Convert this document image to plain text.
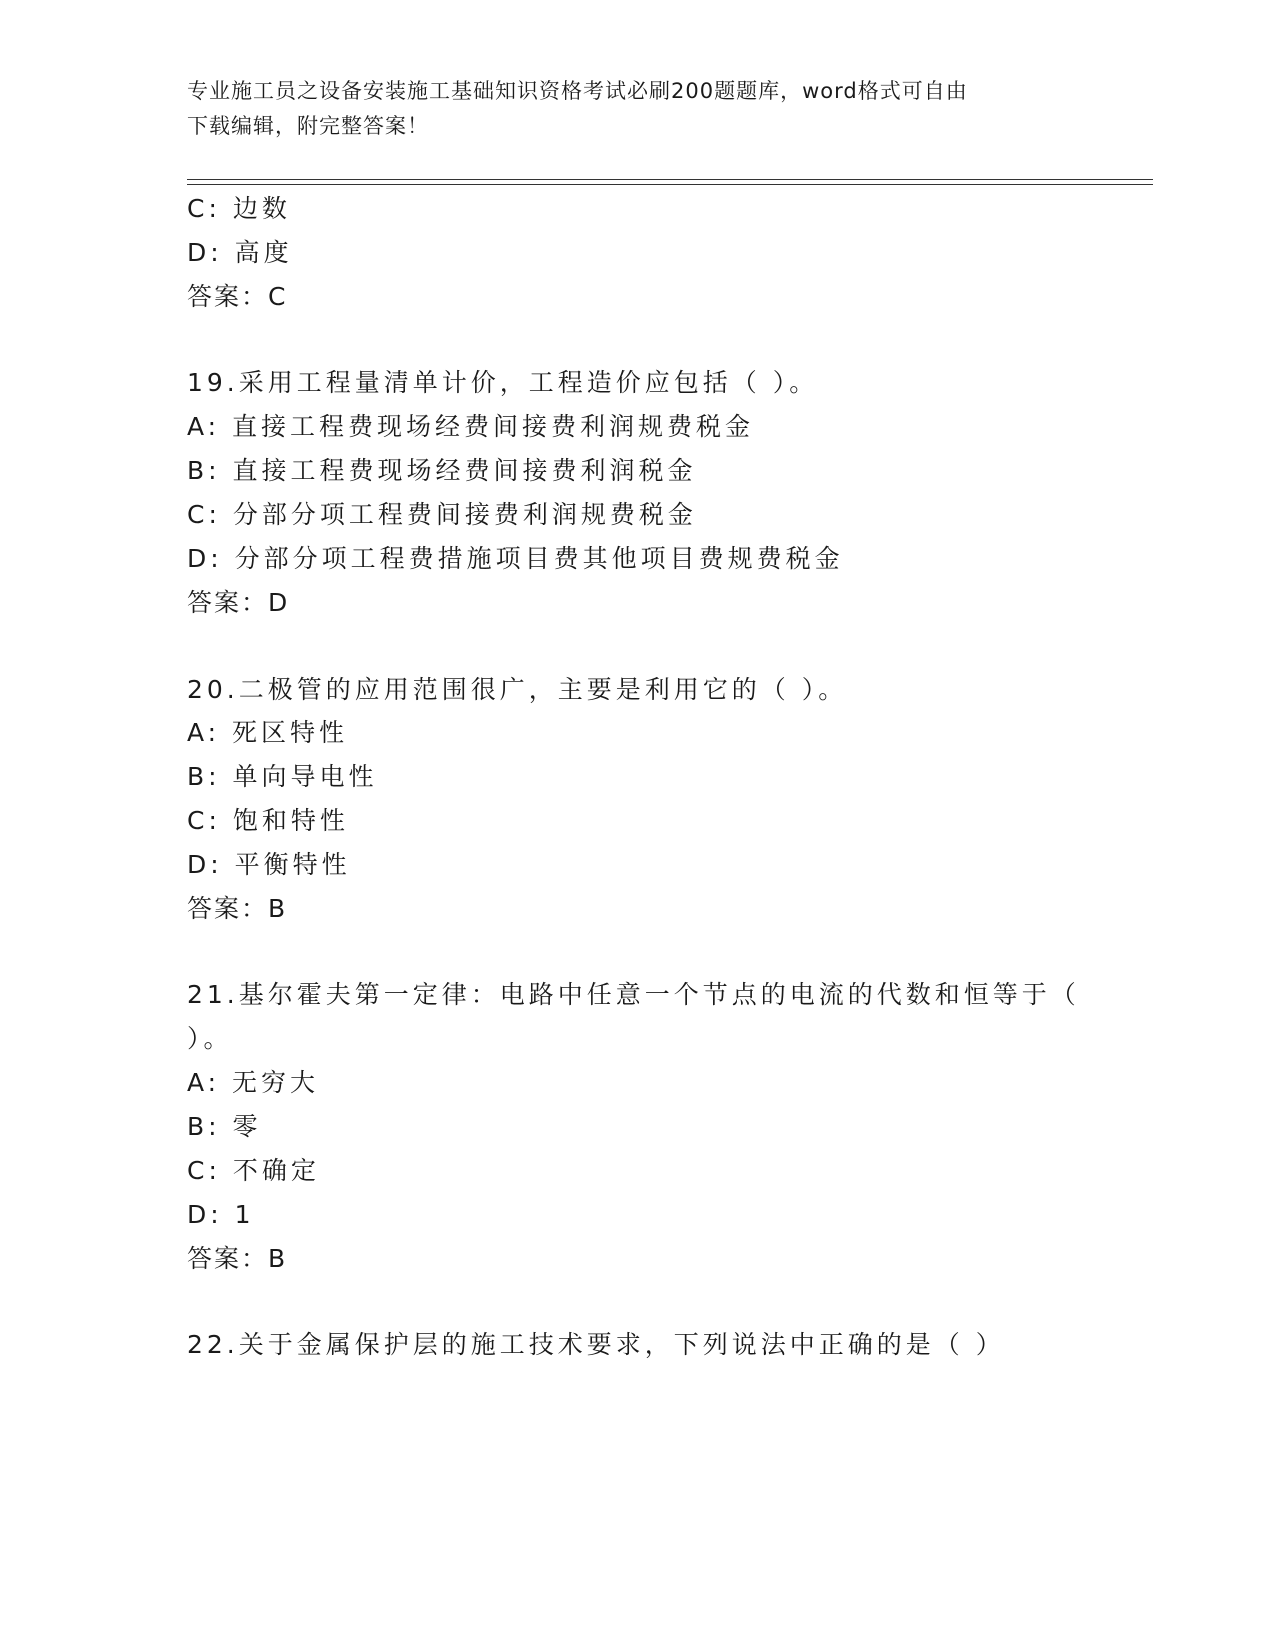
专业施工员之设备安装施工基础知识资格考试必刷200题题库，word格式可自由
下载编辑，附完整答案！
C: 边数
D: 高度
答案：C
19.采用工程量清单计价，工程造价应包括（ ）。
A: 直接工程费现场经费间接费利润规费税金
B: 直接工程费现场经费间接费利润税金
C: 分部分项工程费间接费利润规费税金
D: 分部分项工程费措施项目费其他项目费规费税金
答案：D
20.二极管的应用范围很广，主要是利用它的（ ）。
A: 死区特性
B: 单向导电性
C: 饱和特性
D: 平衡特性
答案：B
21.基尔霍夫第一定律：电路中任意一个节点的电流的代数和恒等于（
）。
A: 无穷大
B: 零
C: 不确定
D: 1
答案：B
22.关于金属保护层的施工技术要求，下列说法中正确的是（ ）
